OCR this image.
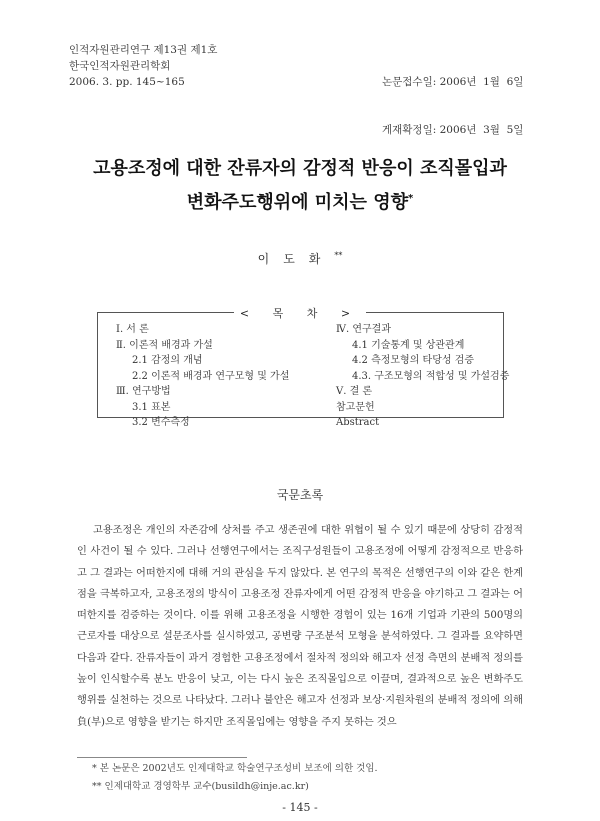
인적자원관리연구 제13권 제1호
한국인적자원관리학회
2006. 3. pp. 145~165

	논문접수일: 2006년  1월  6일

게재확정일: 2006년  3월  5일

고용조정에 대한 잔류자의 감정적 반응이 조직몰입과
변화주도행위에 미치는 영향*
이도화**
< 목 차 >
Ⅰ. 서 론
Ⅱ. 이론적 배경과 가설
2.1 감정의 개념
2.2 이론적 배경과 연구모형 및 가설
Ⅲ. 연구방법
3.1 표본
3.2 변수측정
Ⅳ. 연구결과
4.1 기술통계 및 상관관계
4.2 측정모형의 타당성 검증
4.3. 구조모형의 적합성 및 가설검증
Ⅴ. 결 론
참고문헌
Abstract
국문초록
고용조정은 개인의 자존감에 상처를 주고 생존권에 대한 위협이 될 수 있기 때문에 상당히 감정적인 사건이 될 수 있다. 그러나 선행연구에서는 조직구성원들이 고용조정에 어떻게 감정적으로 반응하고 그 결과는 어떠한지에 대해 거의 관심을 두지 않았다. 본 연구의 목적은 선행연구의 이와 같은 한계점을 극복하고자, 고용조정의 방식이 고용조정 잔류자에게 어떤 감정적 반응을 야기하고 그 결과는 어떠한지를 검증하는 것이다. 이를 위해 고용조정을 시행한 경험이 있는 16개 기업과 기관의 500명의 근로자를 대상으로 설문조사를 실시하였고, 공변량 구조분석 모형을 분석하였다. 그 결과를 요약하면 다음과 같다. 잔류자들이 과거 경험한 고용조정에서 절차적 정의와 해고자 선정 측면의 분배적 정의를 높이 인식할수록 분노 반응이 낮고, 이는 다시 높은 조직몰입으로 이끌며, 결과적으로 높은 변화주도행위를 실천하는 것으로 나타났다. 그러나 불안은 해고자 선정과 보상·지원차원의 분배적 정의에 의해 負(부)으로 영향을 받기는 하지만 조직몰입에는 영향을 주지 못하는 것으
* 본 논문은 2002년도 인제대학교 학술연구조성비 보조에 의한 것임.
** 인제대학교 경영학부 교수(busildh@inje.ac.kr)
- 145 -
